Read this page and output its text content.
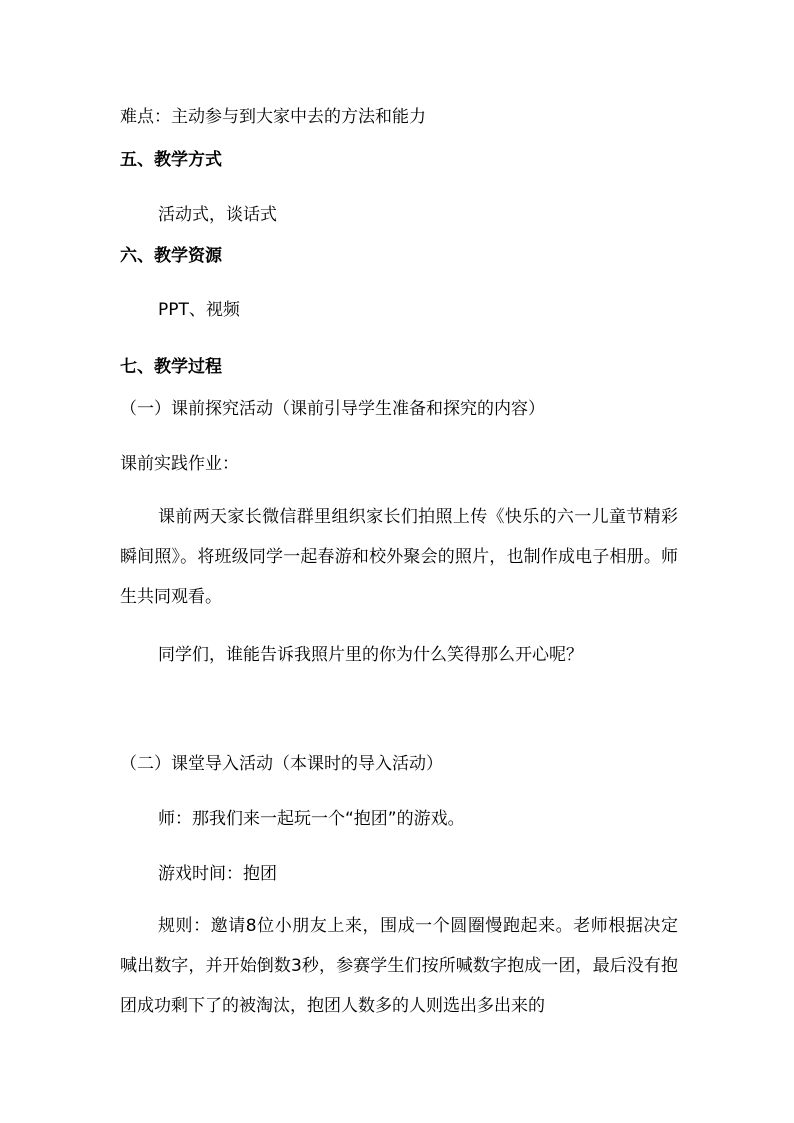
难点：主动参与到大家中去的方法和能力
五、教学方式
活动式，谈话式
六、教学资源
PPT、视频
七、教学过程
（一）课前探究活动（课前引导学生准备和探究的内容）
课前实践作业：
课前两天家长微信群里组织家长们拍照上传《快乐的六一儿童节精彩瞬间照》。将班级同学一起春游和校外聚会的照片，也制作成电子相册。师生共同观看。
同学们，谁能告诉我照片里的你为什么笑得那么开心呢？
（二）课堂导入活动（本课时的导入活动）
师：那我们来一起玩一个“抱团”的游戏。
游戏时间：抱团
规则：邀请8位小朋友上来，围成一个圆圈慢跑起来。老师根据决定喊出数字，并开始倒数3秒，参赛学生们按所喊数字抱成一团，最后没有抱团成功剩下了的被淘汰，抱团人数多的人则选出多出来的
